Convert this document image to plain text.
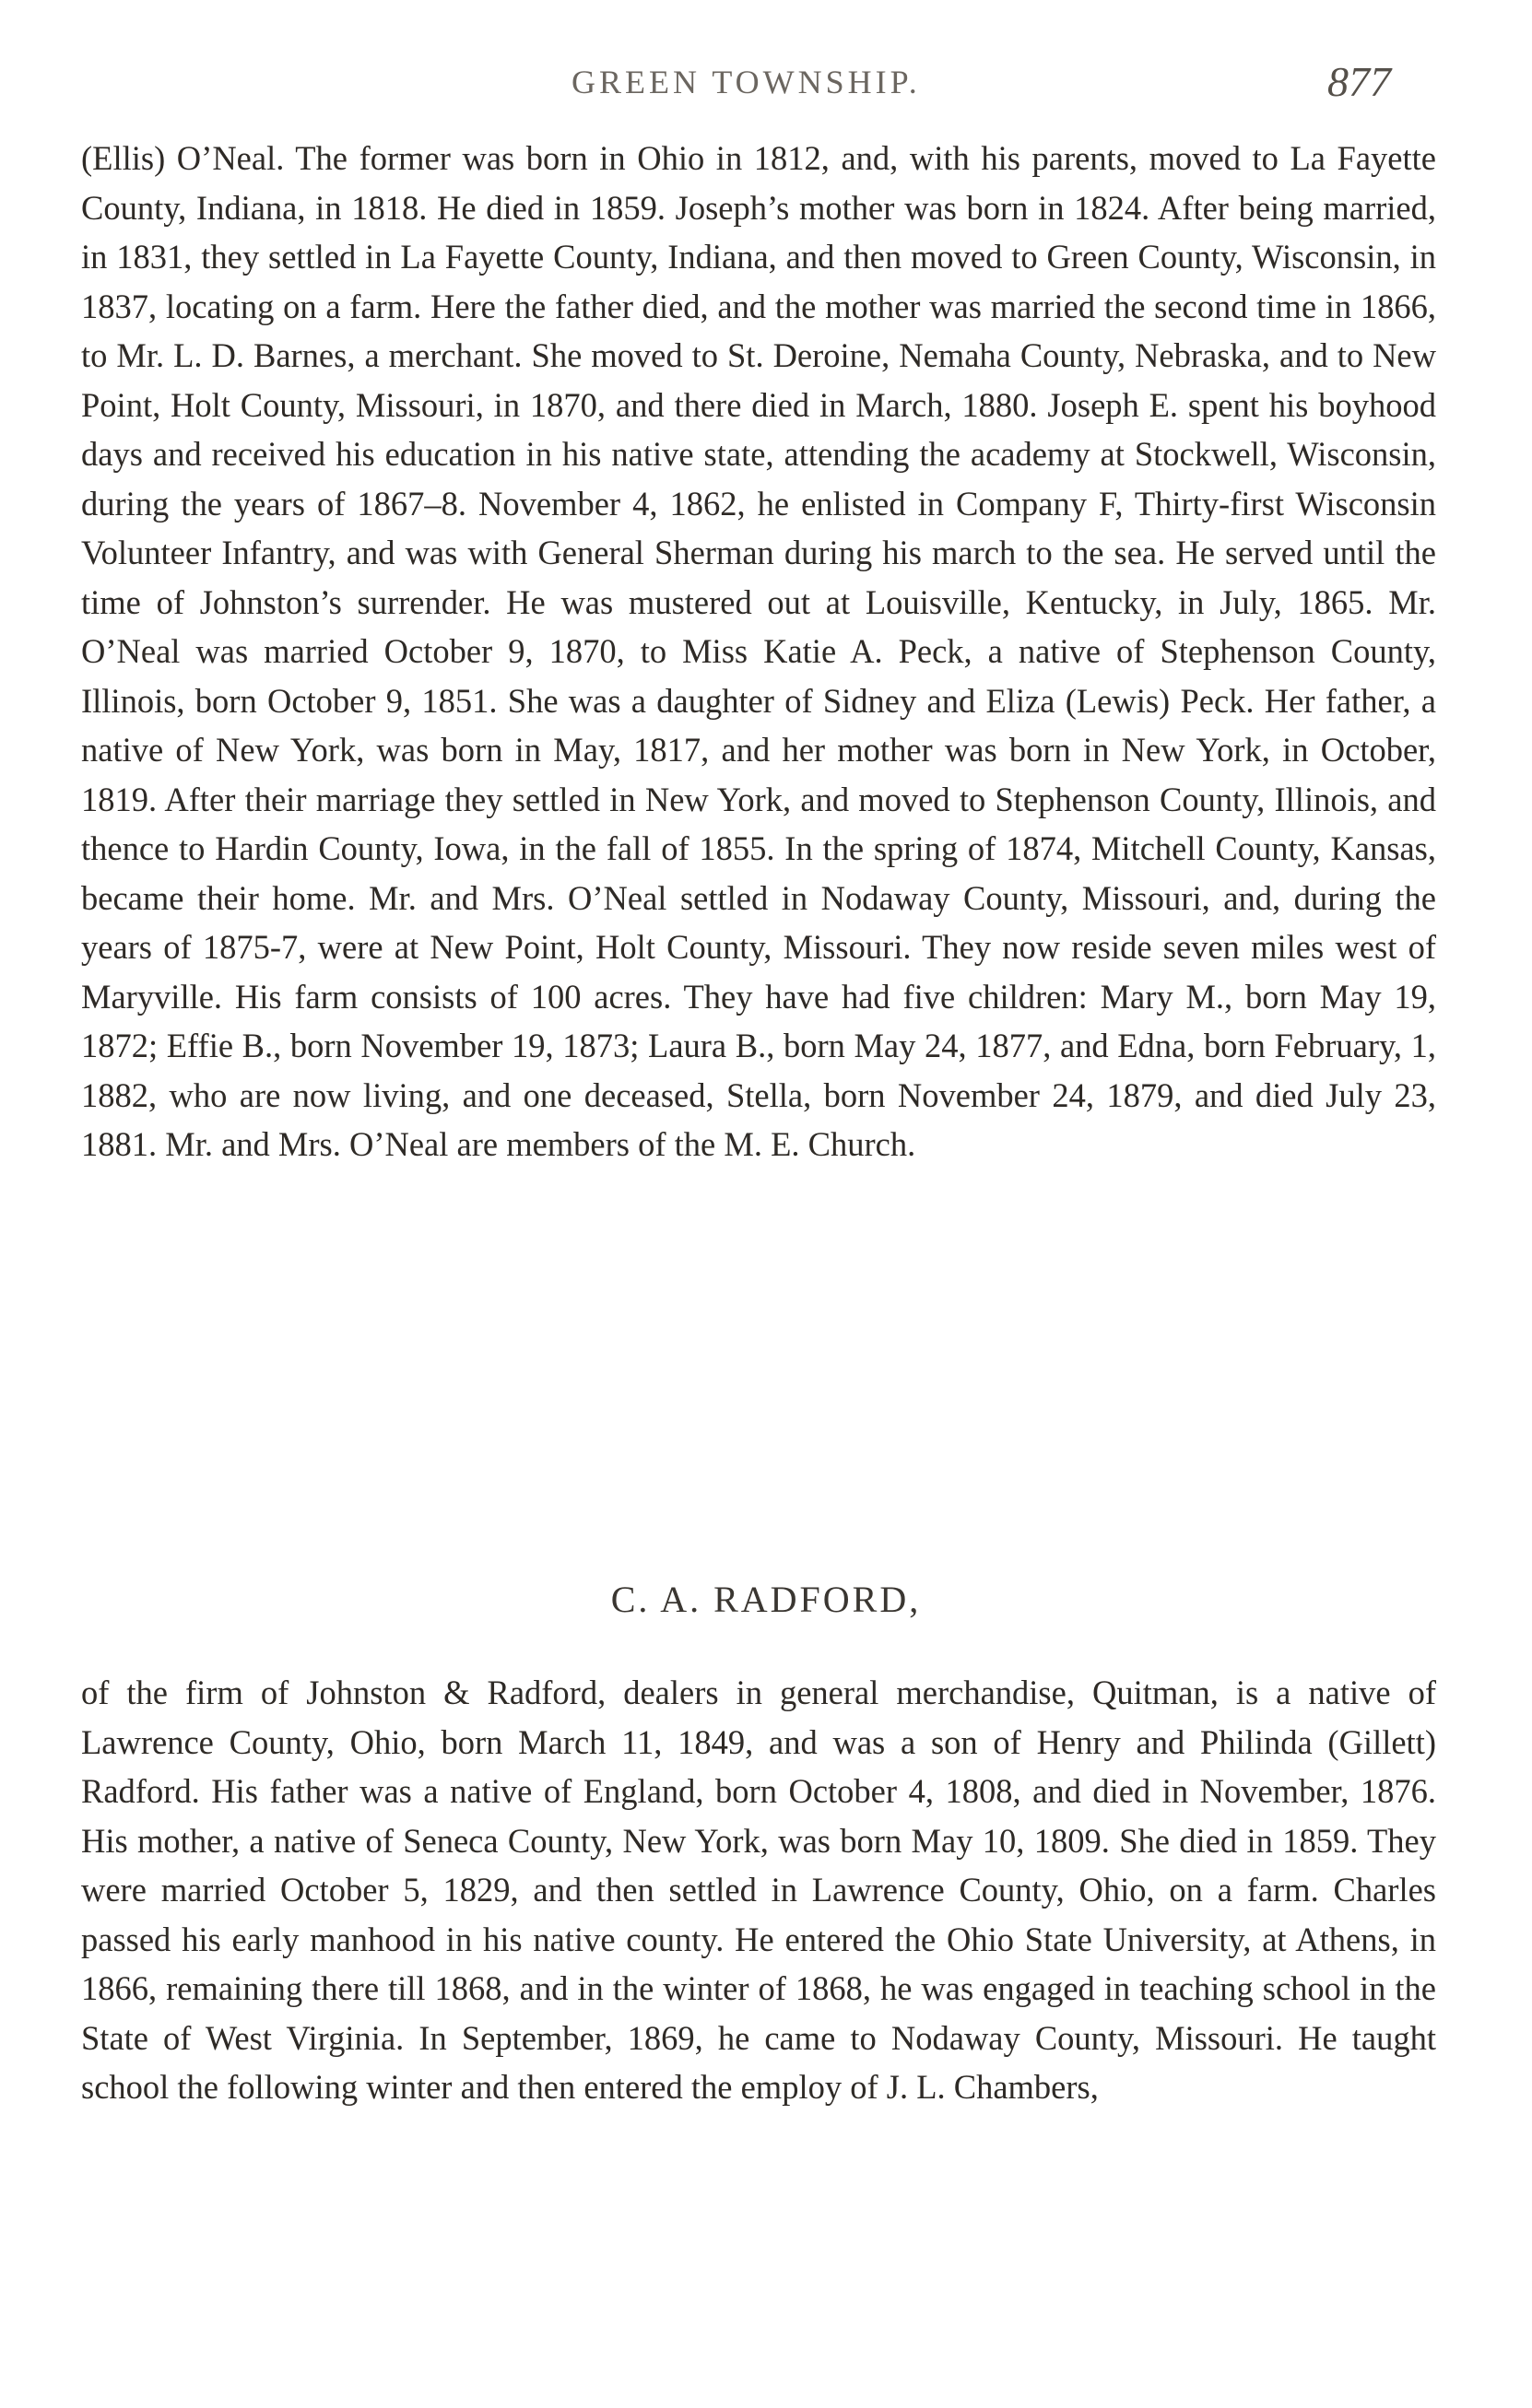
GREEN TOWNSHIP.	877

(Ellis) O’Neal. The former was born in Ohio in 1812, and, with his parents, moved to La Fayette County, Indiana, in 1818. He died in 1859. Joseph’s mother was born in 1824. After being married, in 1831, they settled in La Fayette County, Indiana, and then moved to Green County, Wisconsin, in 1837, locating on a farm. Here the father died, and the mother was married the second time in 1866, to Mr. L. D. Barnes, a merchant. She moved to St. Deroine, Nemaha County, Nebraska, and to New Point, Holt County, Missouri, in 1870, and there died in March, 1880. Joseph E. spent his boyhood days and received his education in his native state, attending the academy at Stockwell, Wisconsin, during the years of 1867–8. November 4, 1862, he enlisted in Company F, Thirty-first Wisconsin Volunteer Infantry, and was with General Sherman during his march to the sea. He served until the time of Johnston’s surrender. He was mustered out at Louisville, Kentucky, in July, 1865. Mr. O’Neal was married October 9, 1870, to Miss Katie A. Peck, a native of Stephenson County, Illinois, born October 9, 1851. She was a daughter of Sidney and Eliza (Lewis) Peck. Her father, a native of New York, was born in May, 1817, and her mother was born in New York, in October, 1819. After their marriage they settled in New York, and moved to Stephenson County, Illinois, and thence to Hardin County, Iowa, in the fall of 1855. In the spring of 1874, Mitchell County, Kansas, became their home. Mr. and Mrs. O’Neal settled in Nodaway County, Missouri, and, during the years of 1875-7, were at New Point, Holt County, Missouri. They now reside seven miles west of Maryville. His farm consists of 100 acres. They have had five children: Mary M., born May 19, 1872; Effie B., born November 19, 1873; Laura B., born May 24, 1877, and Edna, born February, 1, 1882, who are now living, and one deceased, Stella, born November 24, 1879, and died July 23, 1881. Mr. and Mrs. O’Neal are members of the M. E. Church.

C. A. RADFORD,

of the firm of Johnston & Radford, dealers in general merchandise, Quitman, is a native of Lawrence County, Ohio, born March 11, 1849, and was a son of Henry and Philinda (Gillett) Radford. His father was a native of England, born October 4, 1808, and died in November, 1876. His mother, a native of Seneca County, New York, was born May 10, 1809. She died in 1859. They were married October 5, 1829, and then settled in Lawrence County, Ohio, on a farm. Charles passed his early manhood in his native county. He entered the Ohio State University, at Athens, in 1866, remaining there till 1868, and in the winter of 1868, he was engaged in teaching school in the State of West Virginia. In September, 1869, he came to Nodaway County, Missouri. He taught school the following winter and then entered the employ of J. L. Chambers,
